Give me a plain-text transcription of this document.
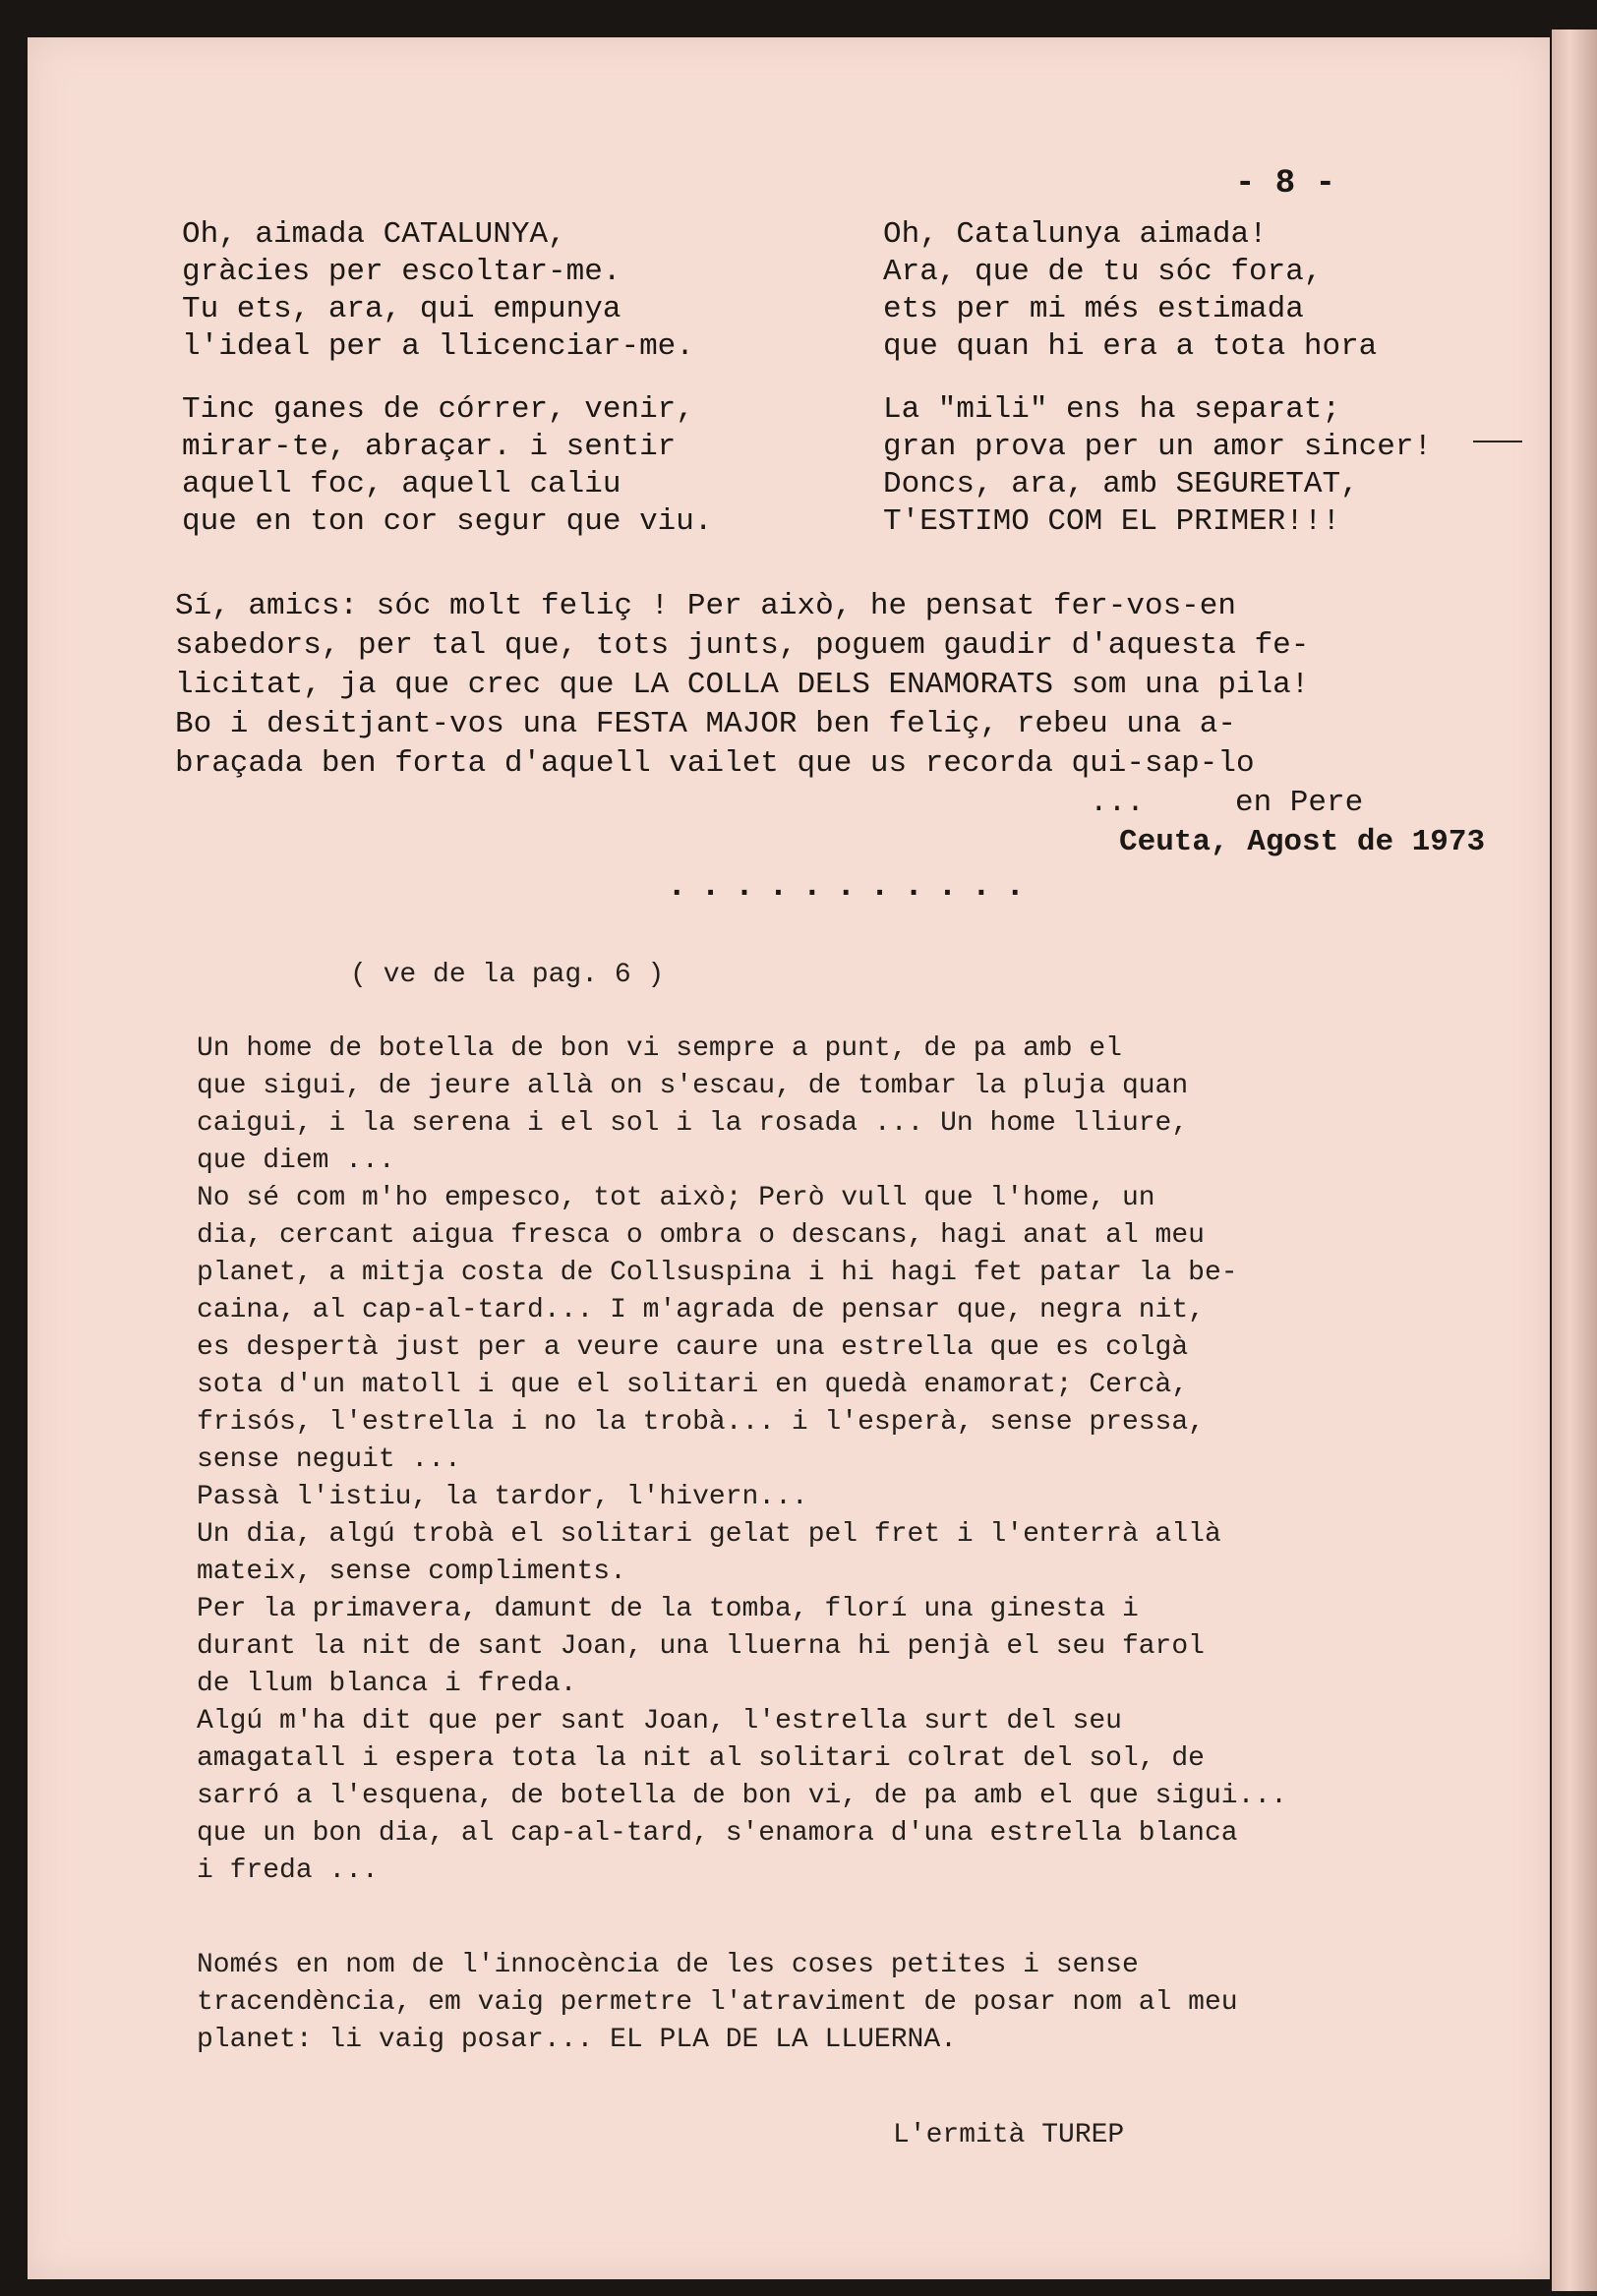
- 8 -

Oh, aimada CATALUNYA,

gràcies per escoltar-me.

Tu ets, ara, qui empunya

l'ideal per a llicenciar-me.

Tinc ganes de córrer, venir,

mirar-te, abraçar. i sentir

aquell foc, aquell caliu

que en ton cor segur que viu.

Oh, Catalunya aimada!

Ara, que de tu sóc fora,

ets per mi més estimada

que quan hi era a tota hora

La "mili" ens ha separat;

gran prova per un amor sincer!

Doncs, ara, amb SEGURETAT,

T'ESTIMO COM EL PRIMER!!!

Sí, amics: sóc molt feliç ! Per això, he pensat fer-vos-en

sabedors, per tal que, tots junts, poguem gaudir d'aquesta fe-

licitat, ja que crec que LA COLLA DELS ENAMORATS som una pila!

Bo i desitjant-vos una FESTA MAJOR ben feliç, rebeu una a-

braçada ben forta d'aquell vailet que us recorda qui-sap-lo

...	en Pere

Ceuta, Agost de 1973

...........

( ve de la pag. 6 )

Un home de botella de bon vi sempre a punt, de pa amb el

que sigui, de jeure allà on s'escau, de tombar la pluja quan

caigui, i la serena i el sol i la rosada ... Un home lliure,

que diem ...

No sé com m'ho empesco, tot això; Però vull que l'home, un

dia, cercant aigua fresca o ombra o descans, hagi anat al meu

planet, a mitja costa de Collsuspina i hi hagi fet patar la be-

caina, al cap-al-tard... I m'agrada de pensar que, negra nit,

es despertà just per a veure caure una estrella que es colgà

sota d'un matoll i que el solitari en quedà enamorat; Cercà,

frisós, l'estrella i no la trobà... i l'esperà, sense pressa,

sense neguit ...

Passà l'istiu, la tardor, l'hivern...

Un dia, algú trobà el solitari gelat pel fret i l'enterrà allà

mateix, sense compliments.

Per la primavera, damunt de la tomba, florí una ginesta i

durant la nit de sant Joan, una lluerna hi penjà el seu farol

de llum blanca i freda.

Algú m'ha dit que per sant Joan, l'estrella surt del seu

amagatall i espera tota la nit al solitari colrat del sol, de

sarró a l'esquena, de botella de bon vi, de pa amb el que sigui...

que un bon dia, al cap-al-tard, s'enamora d'una estrella blanca

i freda ...

Només en nom de l'innocència de les coses petites i sense

tracendència, em vaig permetre l'atraviment de posar nom al meu

planet: li vaig posar... EL PLA DE LA LLUERNA.

L'ermità TUREP
